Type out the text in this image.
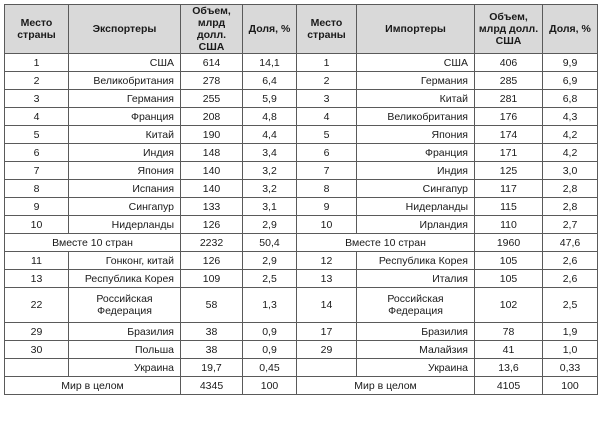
Место страны	Экспортеры	Объем, млрд долл. США	Доля, %	Место страны	Импортеры	Объем, млрд долл. США	Доля, %
1	США	614	14,1	1	США	406	9,9
2	Великобритания	278	6,4	2	Германия	285	6,9
3	Германия	255	5,9	3	Китай	281	6,8
4	Франция	208	4,8	4	Великобритания	176	4,3
5	Китай	190	4,4	5	Япония	174	4,2
6	Индия	148	3,4	6	Франция	171	4,2
7	Япония	140	3,2	7	Индия	125	3,0
8	Испания	140	3,2	8	Сингапур	117	2,8
9	Сингапур	133	3,1	9	Нидерланды	115	2,8
10	Нидерланды	126	2,9	10	Ирландия	110	2,7
Вместе 10 стран		2232	50,4	Вместе 10 стран		1960	47,6
11	Гонконг, китай	126	2,9	12	Республика Корея	105	2,6
13	Республика Корея	109	2,5	13	Италия	105	2,6
22	Российская Федерация	58	1,3	14	Российская Федерация	102	2,5
29	Бразилия	38	0,9	17	Бразилия	78	1,9
30	Польша	38	0,9	29	Малайзия	41	1,0
	Украина	19,7	0,45		Украина	13,6	0,33
Мир в целом		4345	100	Мир в целом		4105	100
